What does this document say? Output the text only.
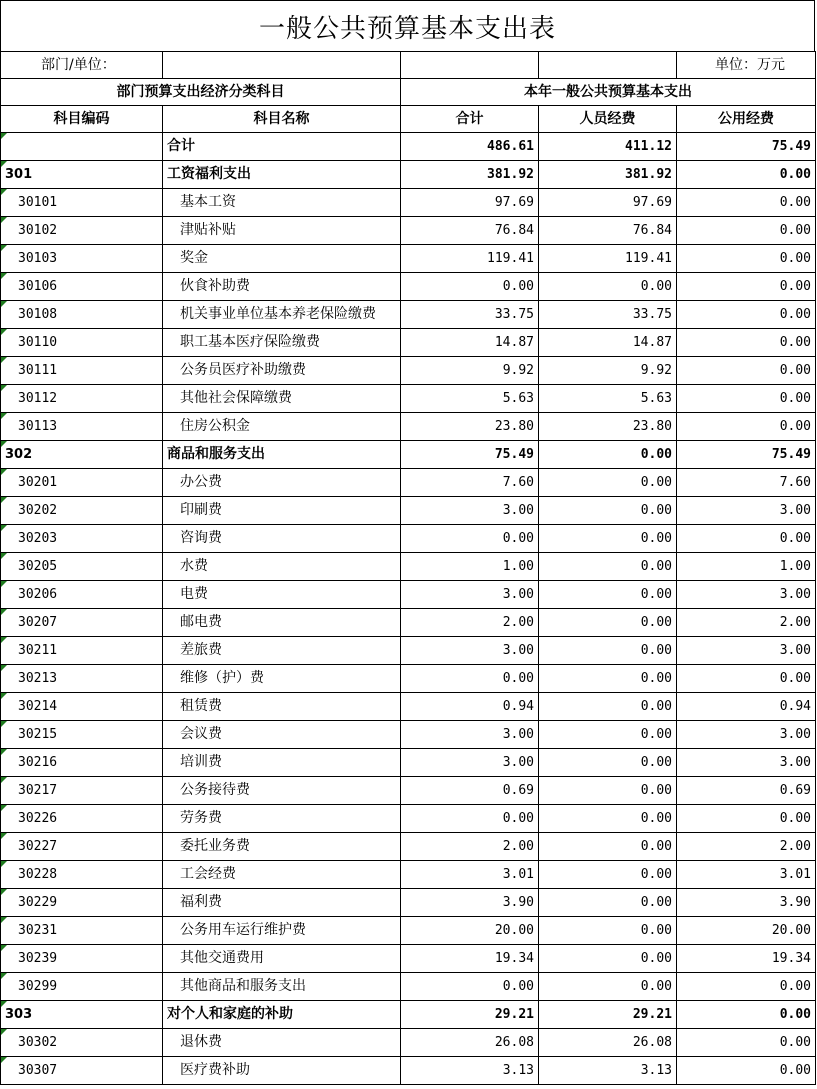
一般公共预算基本支出表
部门/单位：				单位：万元
部门预算支出经济分类科目		本年一般公共预算基本支出		
科目编码	科目名称	合计	人员经费	公用经费

	合计	486.61	411.12	75.49
301	工资福利支出	381.92	381.92	0.00
30101	基本工资	97.69	97.69	0.00
30102	津贴补贴	76.84	76.84	0.00
30103	奖金	119.41	119.41	0.00
30106	伙食补助费	0.00	0.00	0.00
30108	机关事业单位基本养老保险缴费	33.75	33.75	0.00
30110	职工基本医疗保险缴费	14.87	14.87	0.00
30111	公务员医疗补助缴费	9.92	9.92	0.00
30112	其他社会保障缴费	5.63	5.63	0.00
30113	住房公积金	23.80	23.80	0.00
302	商品和服务支出	75.49	0.00	75.49
30201	办公费	7.60	0.00	7.60
30202	印刷费	3.00	0.00	3.00
30203	咨询费	0.00	0.00	0.00
30205	水费	1.00	0.00	1.00
30206	电费	3.00	0.00	3.00
30207	邮电费	2.00	0.00	2.00
30211	差旅费	3.00	0.00	3.00
30213	维修（护）费	0.00	0.00	0.00
30214	租赁费	0.94	0.00	0.94
30215	会议费	3.00	0.00	3.00
30216	培训费	3.00	0.00	3.00
30217	公务接待费	0.69	0.00	0.69
30226	劳务费	0.00	0.00	0.00
30227	委托业务费	2.00	0.00	2.00
30228	工会经费	3.01	0.00	3.01
30229	福利费	3.90	0.00	3.90
30231	公务用车运行维护费	20.00	0.00	20.00
30239	其他交通费用	19.34	0.00	19.34
30299	其他商品和服务支出	0.00	0.00	0.00
303	对个人和家庭的补助	29.21	29.21	0.00
30302	退休费	26.08	26.08	0.00
30307	医疗费补助	3.13	3.13	0.00
